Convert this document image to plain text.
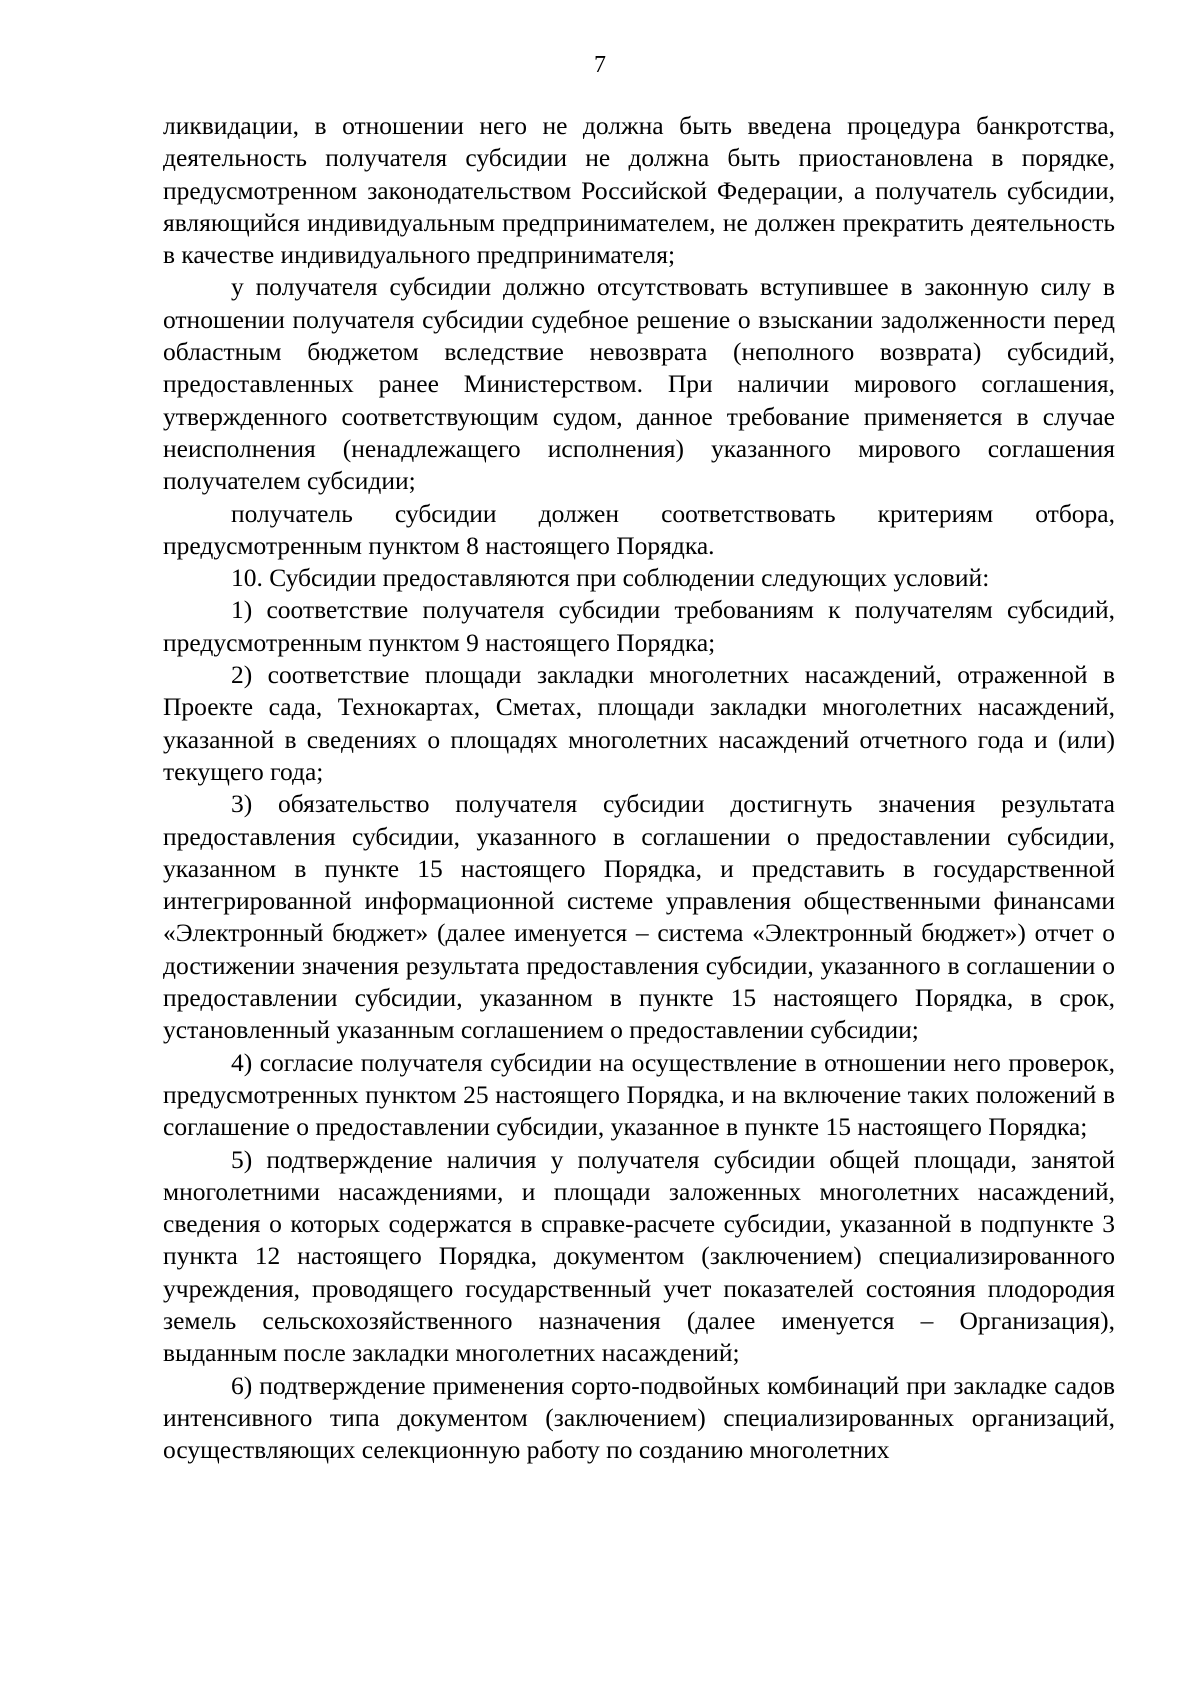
7

ликвидации, в отношении него не должна быть введена процедура банкротства, деятельность получателя субсидии не должна быть приостановлена в порядке, предусмотренном законодательством Российской Федерации, а получатель субсидии, являющийся индивидуальным предпринимателем, не должен прекратить деятельность в качестве индивидуального предпринимателя;

у получателя субсидии должно отсутствовать вступившее в законную силу в отношении получателя субсидии судебное решение о взыскании задолженности перед областным бюджетом вследствие невозврата (неполного возврата) субсидий, предоставленных ранее Министерством. При наличии мирового соглашения, утвержденного соответствующим судом, данное требование применяется в случае неисполнения (ненадлежащего исполнения) указанного мирового соглашения получателем субсидии;

получатель субсидии должен соответствовать критериям отбора, предусмотренным пунктом 8 настоящего Порядка.

10. Субсидии предоставляются при соблюдении следующих условий:

1) соответствие получателя субсидии требованиям к получателям субсидий, предусмотренным пунктом 9 настоящего Порядка;

2) соответствие площади закладки многолетних насаждений, отраженной в Проекте сада, Технокартах, Сметах, площади закладки многолетних насаждений, указанной в сведениях о площадях многолетних насаждений отчетного года и (или) текущего года;

3) обязательство получателя субсидии достигнуть значения результата предоставления субсидии, указанного в соглашении о предоставлении субсидии, указанном в пункте 15 настоящего Порядка, и представить в государственной интегрированной информационной системе управления общественными финансами «Электронный бюджет» (далее именуется – система «Электронный бюджет») отчет о достижении значения результата предоставления субсидии, указанного в соглашении о предоставлении субсидии, указанном в пункте 15 настоящего Порядка, в срок, установленный указанным соглашением о предоставлении субсидии;

4) согласие получателя субсидии на осуществление в отношении него проверок, предусмотренных пунктом 25 настоящего Порядка, и на включение таких положений в соглашение о предоставлении субсидии, указанное в пункте 15 настоящего Порядка;

5) подтверждение наличия у получателя субсидии общей площади, занятой многолетними насаждениями, и площади заложенных многолетних насаждений, сведения о которых содержатся в справке-расчете субсидии, указанной в подпункте 3 пункта 12 настоящего Порядка, документом (заключением) специализированного учреждения, проводящего государственный учет показателей состояния плодородия земель сельскохозяйственного назначения (далее именуется – Организация), выданным после закладки многолетних насаждений;

6) подтверждение применения сорто-подвойных комбинаций при закладке садов интенсивного типа документом (заключением) специализированных организаций, осуществляющих селекционную работу по созданию многолетних
